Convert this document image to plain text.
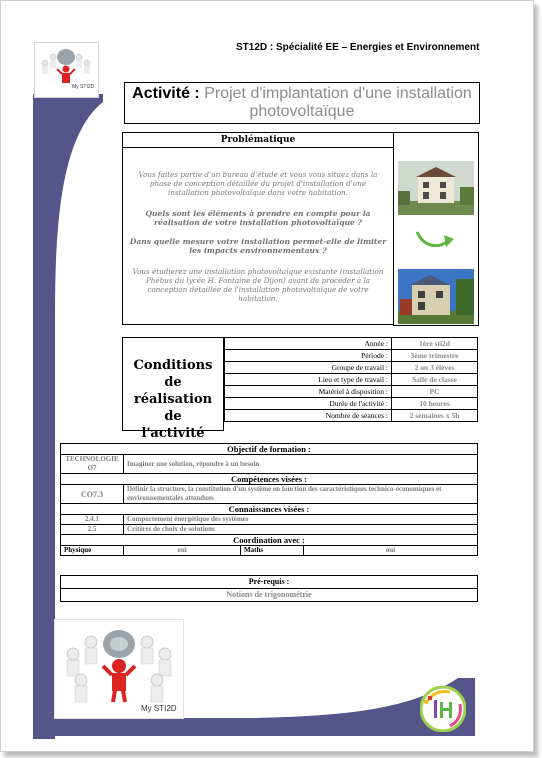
My STI2D
ST12D : Spécialité EE – Energies et Environnement
Activité : Projet d'implantation d'une installation
photovoltaïque
Problématique

Vous faites partie d'un bureau d'étude et vous vous situez dans la phase de conception détaillée du projet d'installation d'une installation photovoltaïque dans votre habitation.

Quels sont les éléments à prendre en compte pour la réalisation de votre installation photovoltaïque ?

Dans quelle mesure votre installation permet-elle de limiter les impacts environnementaux ?

Vous étudierez une installation photovoltaïque existante (installation Phébus du lycée H. Fontaine de Dijon) avant de procéder à la conception détaillée de l'installation photovoltaïque de votre habitation.

Conditions de
réalisation de
l'activité
Année :	1ère sti2d
Période :	3ème trimestre
Groupe de travail :	2 ou 3 élèves
Lieu et type de travail :	Salle de classe
Matériel à disposition :	PC
Durée de l'activité :	10 heures
Nombre de séances :	2 semaines x 5h
Objectif de formation :			

TECHNOLOGIE
O7	Imaginer une solution, répondre à un besoin		
Compétences visées :			
CO7.3	Définir la structure, la constitution d'un système en fonction des caractéristiques technico-économiques et environnementales attendues		
Connaissances visées :			
2.4.1	Comportement énergétique des systèmes		
2.5	Critères de choix de solutions		
Coordination avec :			
Physique	oui	Maths	oui
Pré-requis :
Notions de trigonométrie
My STI2D
